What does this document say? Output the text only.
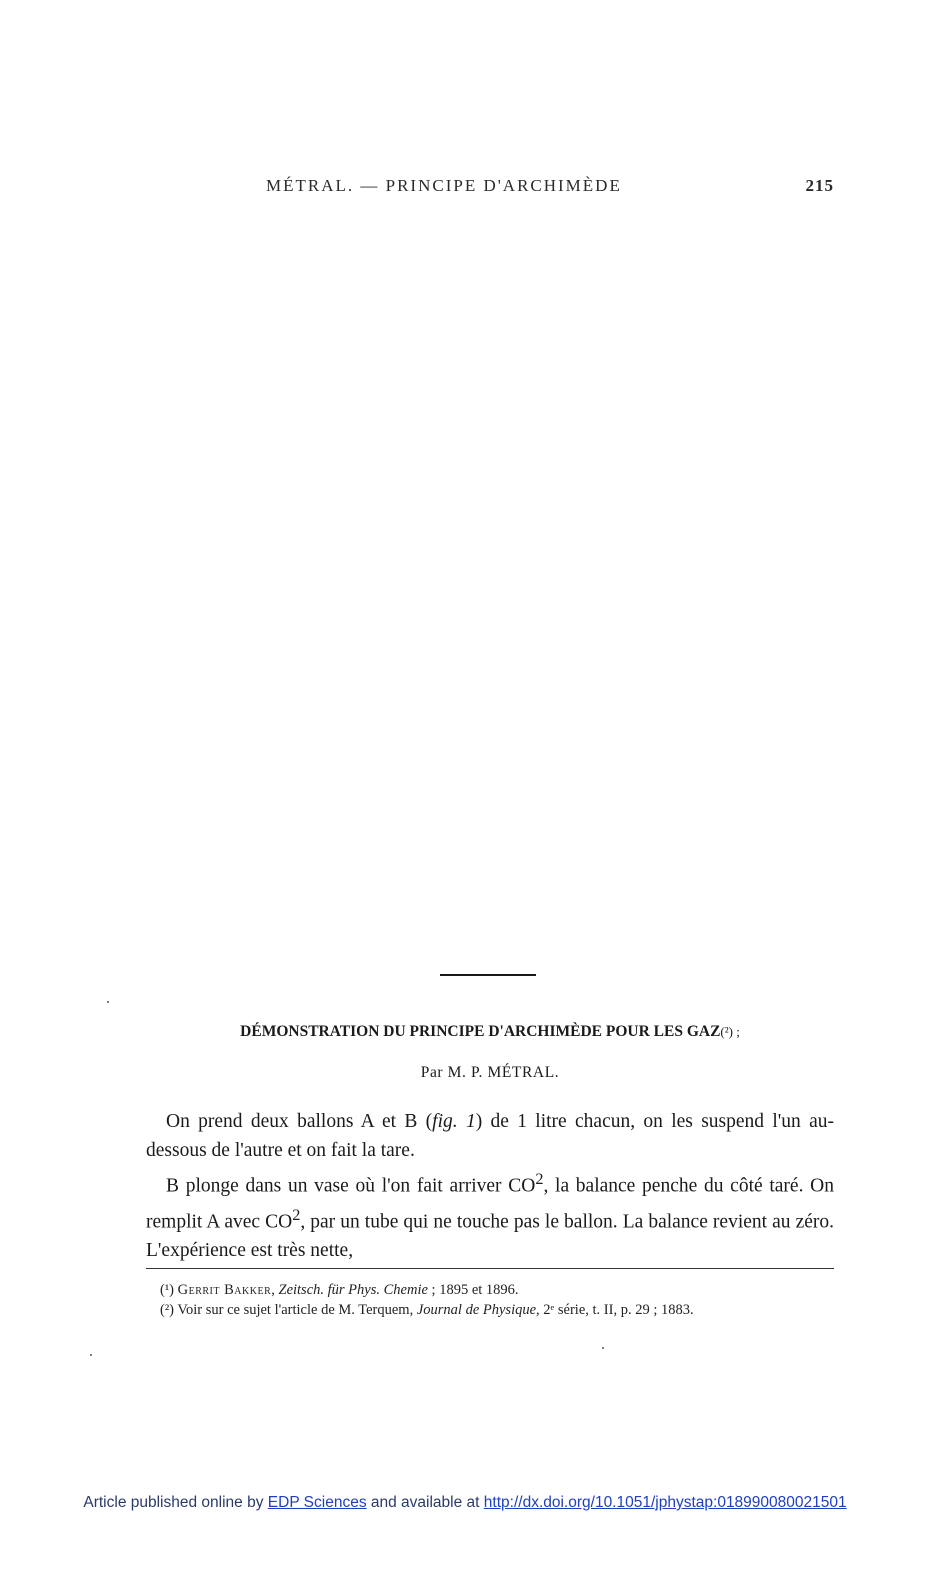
MÉTRAL. — PRINCIPE D'ARCHIMÈDE	215
DÉMONSTRATION DU PRINCIPE D'ARCHIMÈDE POUR LES GAZ(²) ;
Par M. P. MÉTRAL.

On prend deux ballons A et B (fig. 1) de 1 litre chacun, on les suspend l'un au-dessous de l'autre et on fait la tare.

B plonge dans un vase où l'on fait arriver $CO^2$, la balance penche du côté taré. On remplit A avec $CO^2$, par un tube qui ne touche pas le ballon. La balance revient au zéro. L'expérience est très nette,

(¹) Gerrit Bakker, Zeitsch. für Phys. Chemie ; 1895 et 1896.

(²) Voir sur ce sujet l'article de M. Terquem, Journal de Physique, 2ᵉ série, t. II, p. 29 ; 1883.

Article published online by EDP Sciences and available at http://dx.doi.org/10.1051/jphystap:018990080021501
